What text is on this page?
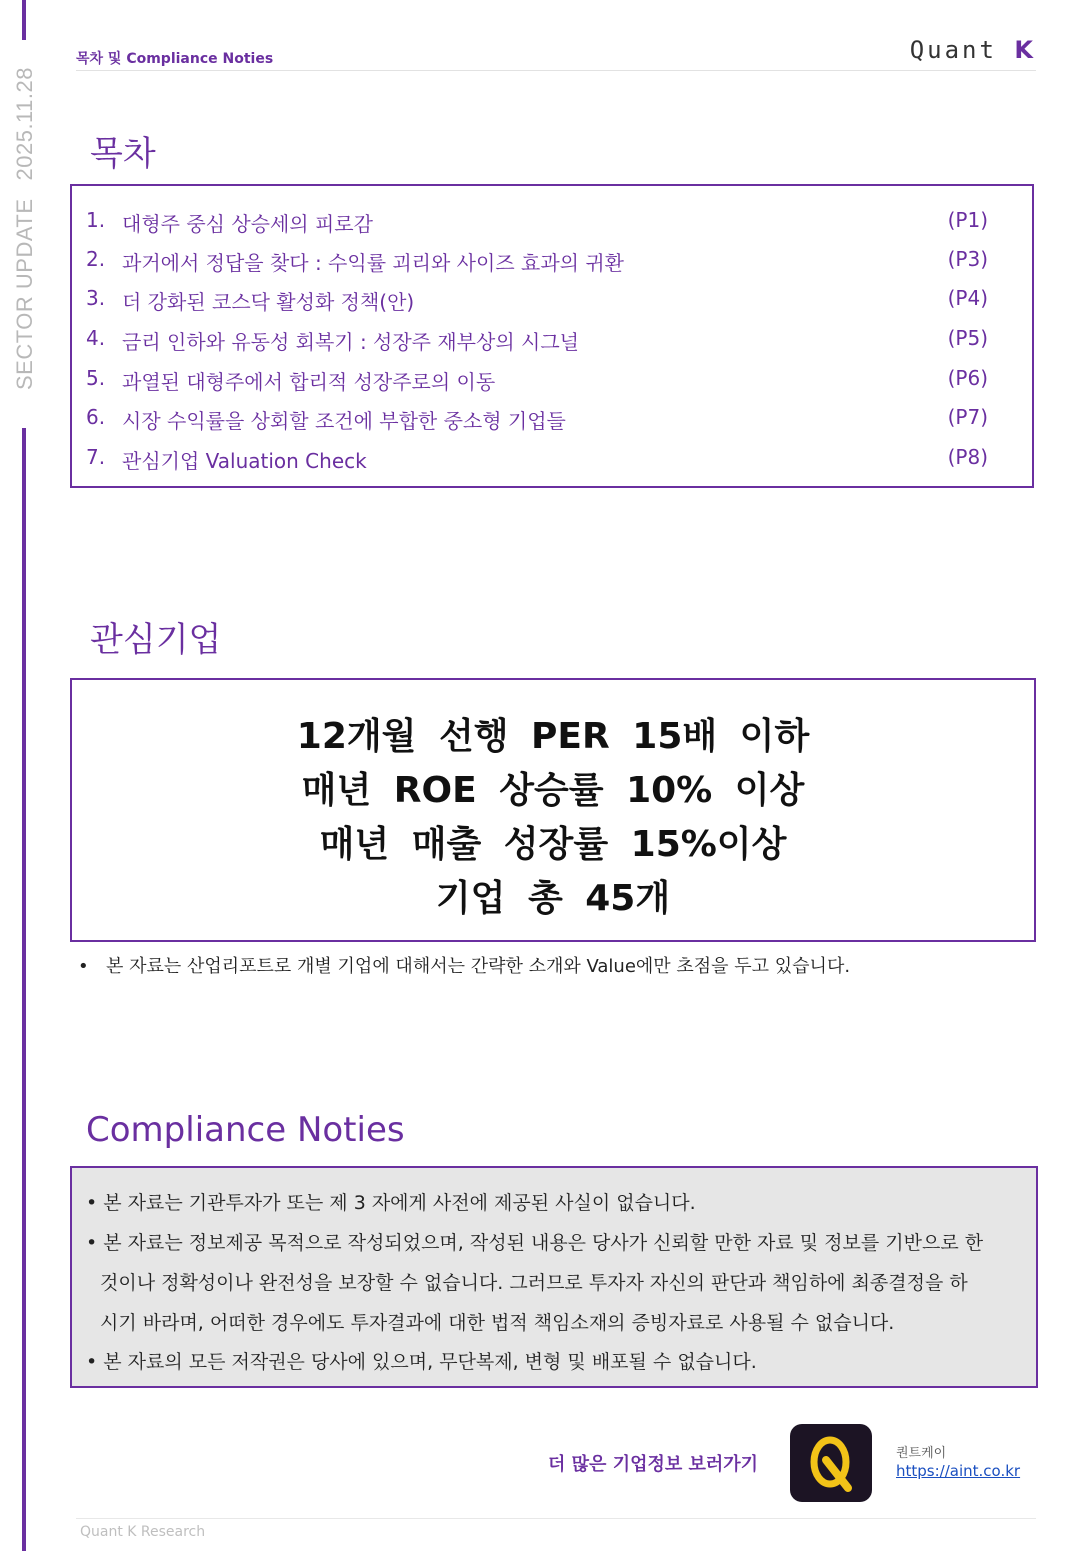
SECTOR UPDATE2025.11.28
목차 및 Compliance Noties	Quant K
목차
1. 대형주 중심 상승세의 피로감	(P1)
2. 과거에서 정답을 찾다 : 수익률 괴리와 사이즈 효과의 귀환	(P3)
3. 더 강화된 코스닥 활성화 정책(안)	(P4)
4. 금리 인하와 유동성 회복기 : 성장주 재부상의 시그널	(P5)
5. 과열된 대형주에서 합리적 성장주로의 이동	(P6)
6. 시장 수익률을 상회할 조건에 부합한 중소형 기업들	(P7)
7. 관심기업 Valuation Check	(P8)
관심기업
12개월 선행 PER 15배 이하
매년 ROE 상승률 10% 이상
매년 매출 성장률 15%이상
기업 총 45개
• 본 자료는 산업리포트로 개별 기업에 대해서는 간략한 소개와 Value에만 초점을 두고 있습니다.
Compliance Noties
• 본 자료는 기관투자가 또는 제 3 자에게 사전에 제공된 사실이 없습니다.
• 본 자료는 정보제공 목적으로 작성되었으며, 작성된 내용은 당사가 신뢰할 만한 자료 및 정보를 기반으로 한
것이나 정확성이나 완전성을 보장할 수 없습니다. 그러므로 투자자 자신의 판단과 책임하에 최종결정을 하
시기 바라며, 어떠한 경우에도 투자결과에 대한 법적 책임소재의 증빙자료로 사용될 수 없습니다.
• 본 자료의 모든 저작권은 당사에 있으며, 무단복제, 변형 및 배포될 수 없습니다.
더 많은 기업정보 보러가기
퀀트케이
https://aint.co.kr
Quant K Research
